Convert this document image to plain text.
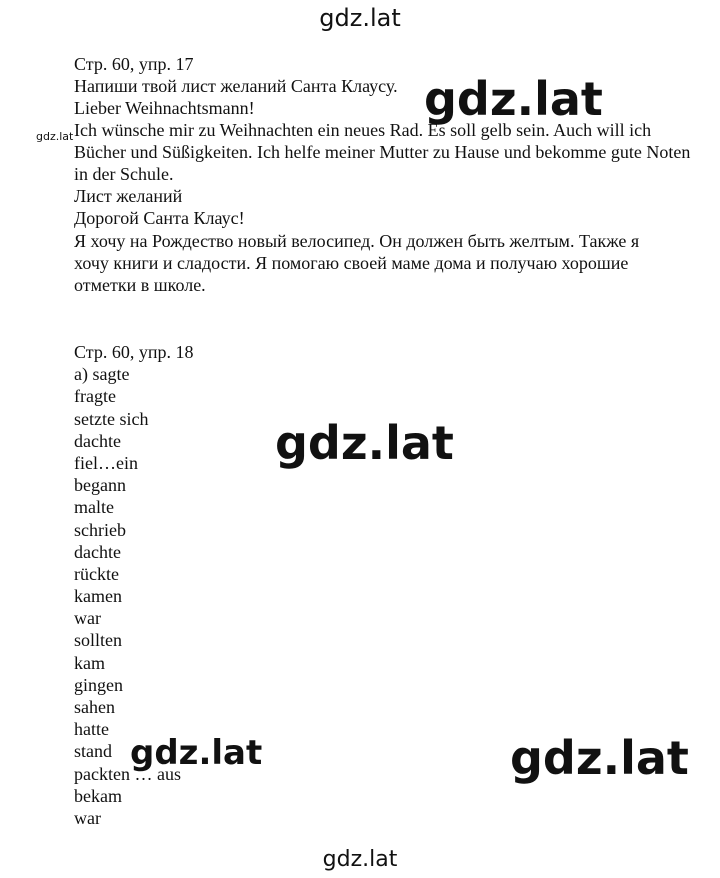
gdz.lat
Стр. 60, упр. 17
Напиши твой лист желаний Санта Клаусу.
Lieber Weihnachtsmann!
Ich wünsche mir zu Weihnachten ein neues Rad. Es soll gelb sein. Auch will ich
Bücher und Süßigkeiten. Ich helfe meiner Mutter zu Hause und bekomme gute Noten
in der Schule.
Лист желаний
Дорогой Санта Клаус!
Я хочу на Рождество новый велосипед. Он должен быть желтым. Также я
хочу книги и сладости. Я помогаю своей маме дома и получаю хорошие
отметки в школе.
Стр. 60, упр. 18
a) sagte
fragte
setzte sich
dachte
fiel…ein
begann
malte
schrieb
dachte
rückte
kamen
war
sollten
kam
gingen
sahen
hatte
stand
packten … aus
bekam
war
gdz.lat
gdz.lat
gdz.lat
gdz.lat	gdz.lat
gdz.lat
